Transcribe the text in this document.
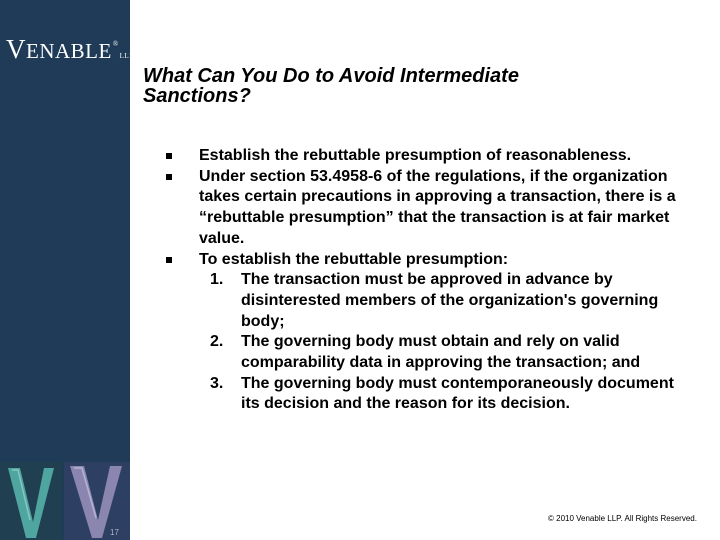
VENABLE®LLP
17
What Can You Do to Avoid Intermediate
Sanctions?
Establish the rebuttable presumption of reasonableness.
Under section 53.4958-6 of the regulations, if the organization takes certain precautions in approving a transaction, there is a “rebuttable presumption” that the transaction is at fair market value.
To establish the rebuttable presumption:
1. The transaction must be approved in advance by disinterested members of the organization's governing body;
2. The governing body must obtain and rely on valid comparability data in approving the transaction; and
3. The governing body must contemporaneously document its decision and the reason for its decision.
© 2010 Venable LLP. All Rights Reserved.
